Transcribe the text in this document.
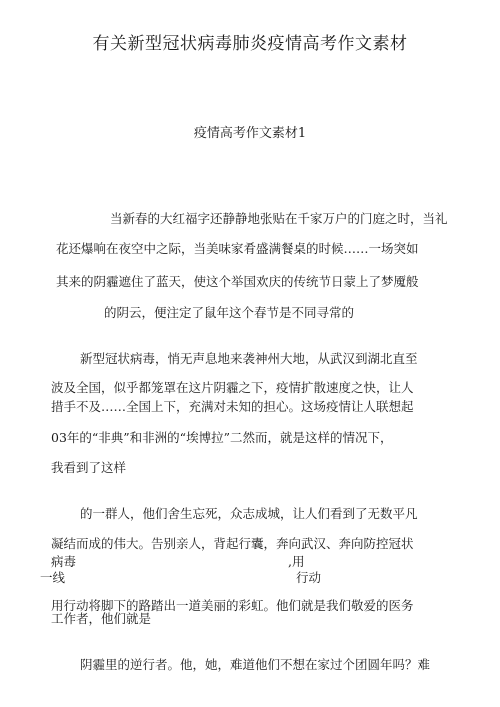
有关新型冠状病毒肺炎疫情高考作文素材
疫情高考作文素材1
当新春的大红福字还静静地张贴在千家万户的门庭之时，当礼
花还爆响在夜空中之际，当美味家肴盛满餐桌的时候……一场突如
其来的阴霾遮住了蓝天，使这个举国欢庆的传统节日蒙上了梦魇般
的阴云，便注定了鼠年这个春节是不同寻常的
新型冠状病毒，悄无声息地来袭神州大地，从武汉到湖北直至
波及全国，似乎都笼罩在这片阴霾之下，疫情扩散速度之快，让人
措手不及……全国上下，充满对未知的担心。这场疫情让人联想起
03年的“非典”和非洲的“埃博拉”二然而，就是这样的情况下，
我看到了这样
的一群人，他们舍生忘死，众志成城，让人们看到了无数平凡
凝结而成的伟大。告别亲人，背起行囊，奔向武汉、奔向防控冠状
病毒	,用
一线	行动
用行动将脚下的路踏出一道美丽的彩虹。他们就是我们敬爱的医务
工作者，他们就是
阴霾里的逆行者。他，她，难道他们不想在家过个团圆年吗？难
